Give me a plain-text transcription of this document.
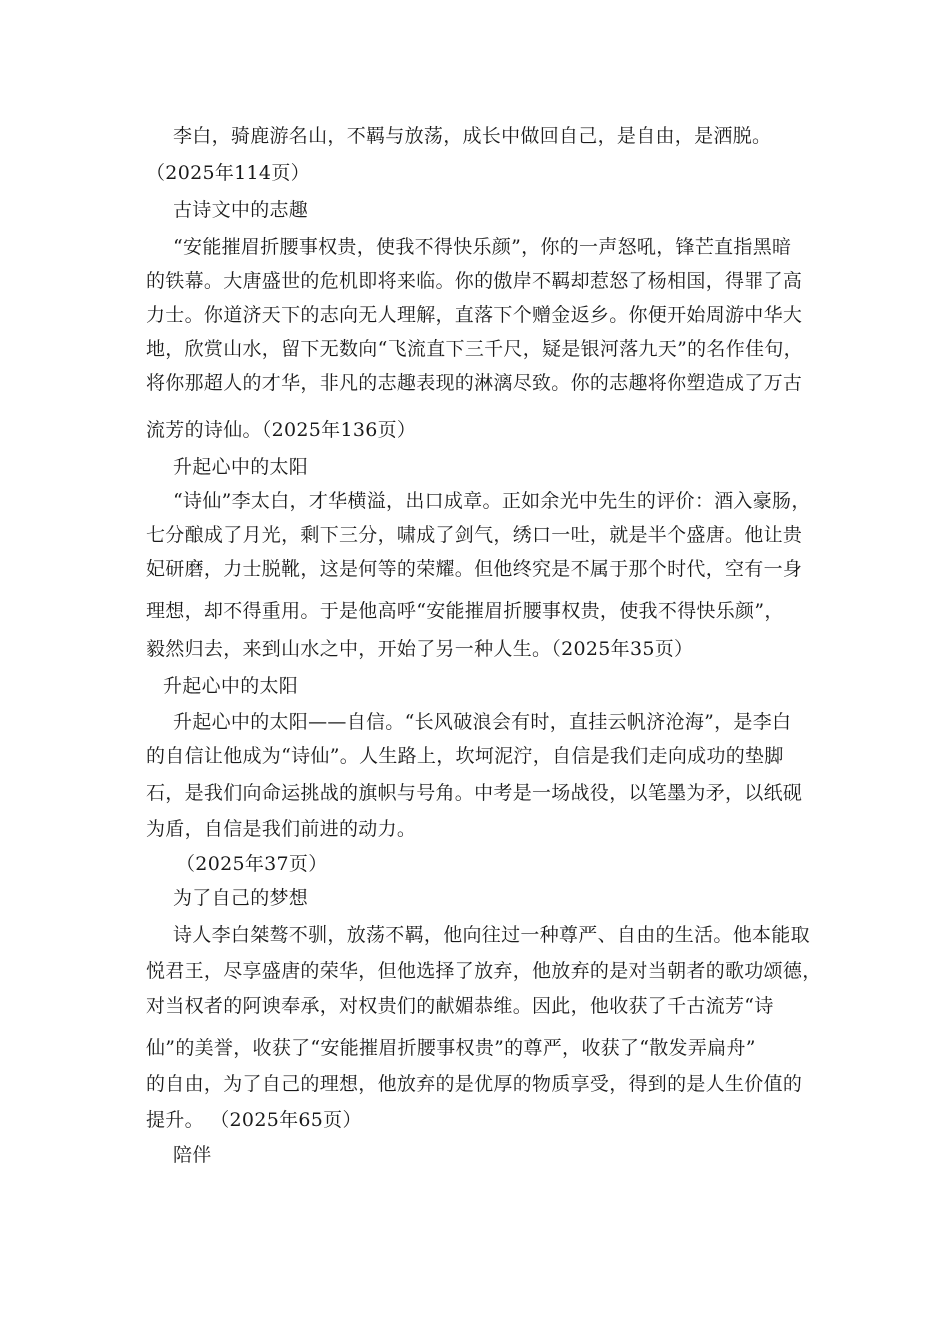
李白，骑鹿游名山，不羁与放荡，成长中做回自己，是自由，是洒脱。
（2025年114页）
古诗文中的志趣
“安能摧眉折腰事权贵，使我不得快乐颜”，你的一声怒吼，锋芒直指黑暗
的铁幕。大唐盛世的危机即将来临。你的傲岸不羁却惹怒了杨相国，得罪了高
力士。你道济天下的志向无人理解，直落下个赠金返乡。你便开始周游中华大
地，欣赏山水，留下无数向“飞流直下三千尺，疑是银河落九天”的名作佳句，
将你那超人的才华，非凡的志趣表现的淋漓尽致。你的志趣将你塑造成了万古
流芳的诗仙。（2025年136页）
升起心中的太阳
“诗仙”李太白，才华横溢，出口成章。正如余光中先生的评价：酒入豪肠，
七分酿成了月光，剩下三分，啸成了剑气，绣口一吐，就是半个盛唐。他让贵
妃研磨，力士脱靴，这是何等的荣耀。但他终究是不属于那个时代，空有一身
理想，却不得重用。于是他高呼“安能摧眉折腰事权贵，使我不得快乐颜”，
毅然归去，来到山水之中，开始了另一种人生。（2025年35页）
升起心中的太阳
升起心中的太阳——自信。“长风破浪会有时，直挂云帆济沧海”，是李白
的自信让他成为“诗仙”。人生路上，坎坷泥泞，自信是我们走向成功的垫脚
石，是我们向命运挑战的旗帜与号角。中考是一场战役，以笔墨为矛，以纸砚
为盾，自信是我们前进的动力。
（2025年37页）
为了自己的梦想
诗人李白桀骜不驯，放荡不羁，他向往过一种尊严、自由的生活。他本能取
悦君王，尽享盛唐的荣华，但他选择了放弃，他放弃的是对当朝者的歌功颂德，
对当权者的阿谀奉承，对权贵们的献媚恭维。因此，他收获了千古流芳“诗
仙”的美誉，收获了“安能摧眉折腰事权贵”的尊严，收获了“散发弄扁舟”
的自由，为了自己的理想，他放弃的是优厚的物质享受，得到的是人生价值的
提升。 （2025年65页）
陪伴
